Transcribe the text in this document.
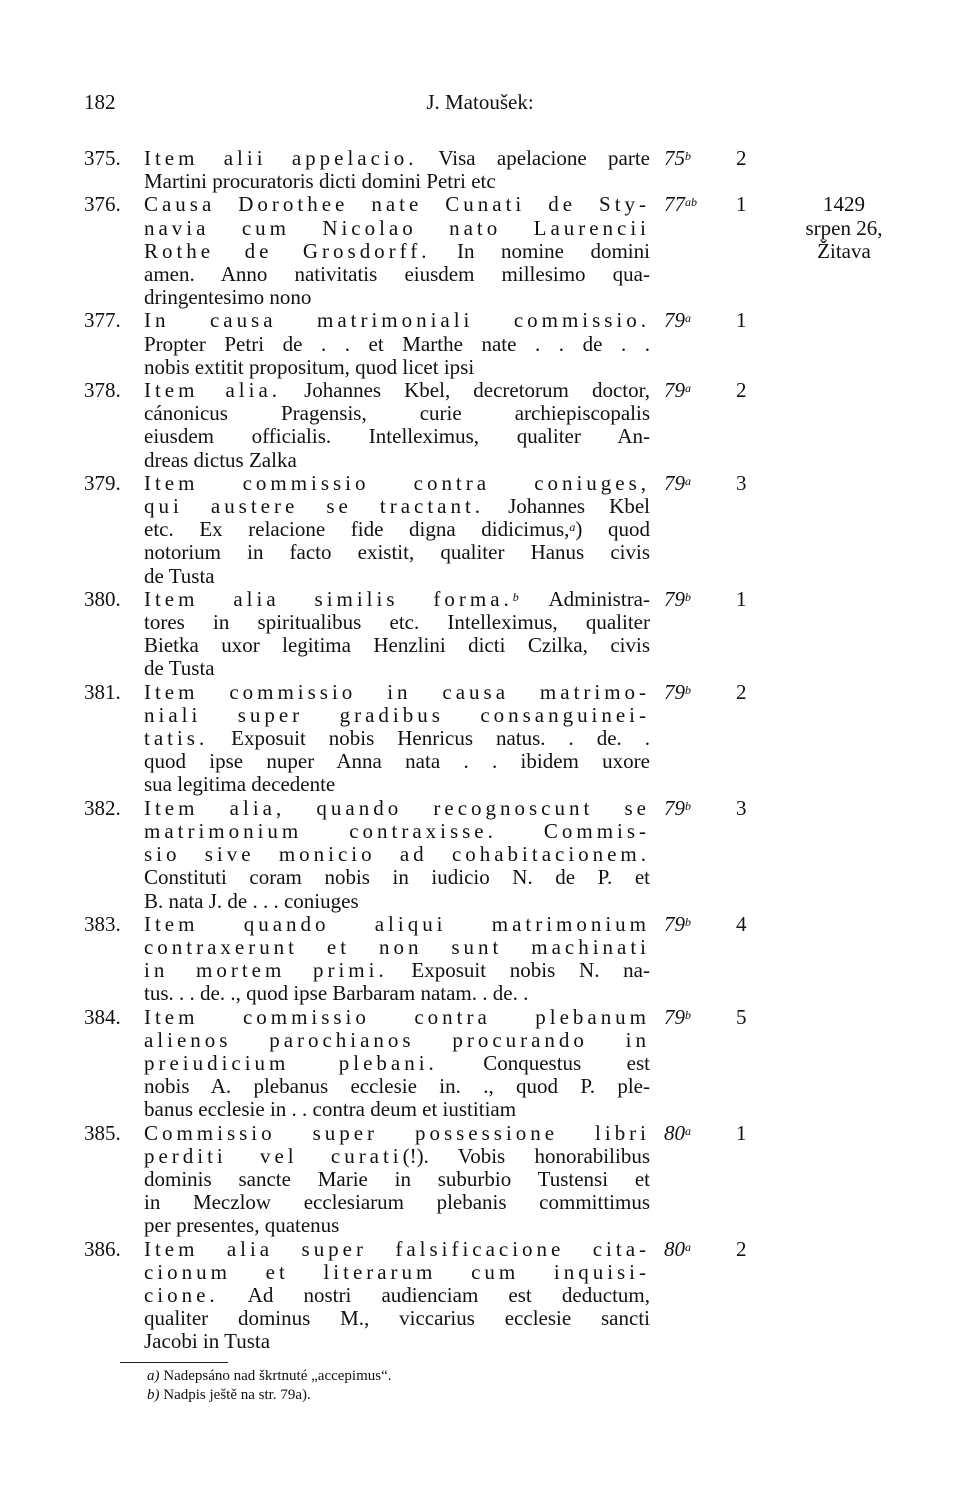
182	J. Matoušek:
375.	Item alii appelacio. Visa apelacione parte
Martini procuratoris dicti domini Petri etc
75$^b$ 2
376.	Causa Dorothee nate Cunati de Sty-
navia cum Nicolao nato Laurencii
Rothe de Grosdorff. In nomine domini
amen. Anno nativitatis eiusdem millesimo qua-
dringentesimo nono
$77^{ab}$ 1	1429
srpen 26,
Žitava
377.	In causa matrimoniali commissio.
Propter Petri de . . et Marthe nate . . de . .
nobis extitit propositum, quod licet ipsi
79$^a$ 1
378.	Item alia. Johannes Kbel, decretorum doctor,
cánonicus Pragensis, curie archiepiscopalis
eiusdem officialis. Intelleximus, qualiter An-
dreas dictus Zalka
79$^a$ 2
379.	Item commissio contra coniuges,
qui austere se tractant. Johannes Kbel
etc. Ex relacione fide digna didicimus,$^a$) quod
notorium in facto existit, qualiter Hanus civis
de Tusta
79$^a$ 3
380.	Item alia similis forma.$^b$ Administra-
tores in spiritualibus etc. Intelleximus, qualiter
Bietka uxor legitima Henzlini dicti Czilka, civis
de Tusta
79$^b$ 1
381.	Item commissio in causa matrimo-
niali super gradibus consanguinei-
tatis. Exposuit nobis Henricus natus. . de. .
quod ipse nuper Anna nata . . ibidem uxore
sua legitima decedente
79$^b$ 2
382.	Item alia, quando recognoscunt se
matrimonium contraxisse. Commis-
sio sive monicio ad cohabitacionem.
Constituti coram nobis in iudicio N. de P. et
B. nata J. de . . . coniuges
79$^b$ 3
383.	Item quando aliqui matrimonium
contraxerunt et non sunt machinati
in mortem primi. Exposuit nobis N. na-
tus. . . de. ., quod ipse Barbaram natam. . de. .
79$^b$ 4
384.	Item commissio contra plebanum
alienos parochianos procurando in
preiudicium plebani. Conquestus est
nobis A. plebanus ecclesie in. ., quod P. ple-
banus ecclesie in . . contra deum et iustitiam
79$^b$ 5
385.	Commissio super possessione libri
perditi vel curati(!). Vobis honorabilibus
dominis sancte Marie in suburbio Tustensi et
in Meczlow ecclesiarum plebanis committimus
per presentes, quatenus
80$^a$ 1
386.	Item alia super falsificacione cita-
cionum et literarum cum inquisi-
cione. Ad nostri audienciam est deductum,
qualiter dominus M., viccarius ecclesie sancti
Jacobi in Tusta
80$^a$ 2
a) Nadepsáno nad škrtnuté „accepimus“.
b) Nadpis ještě na str. 79a).
